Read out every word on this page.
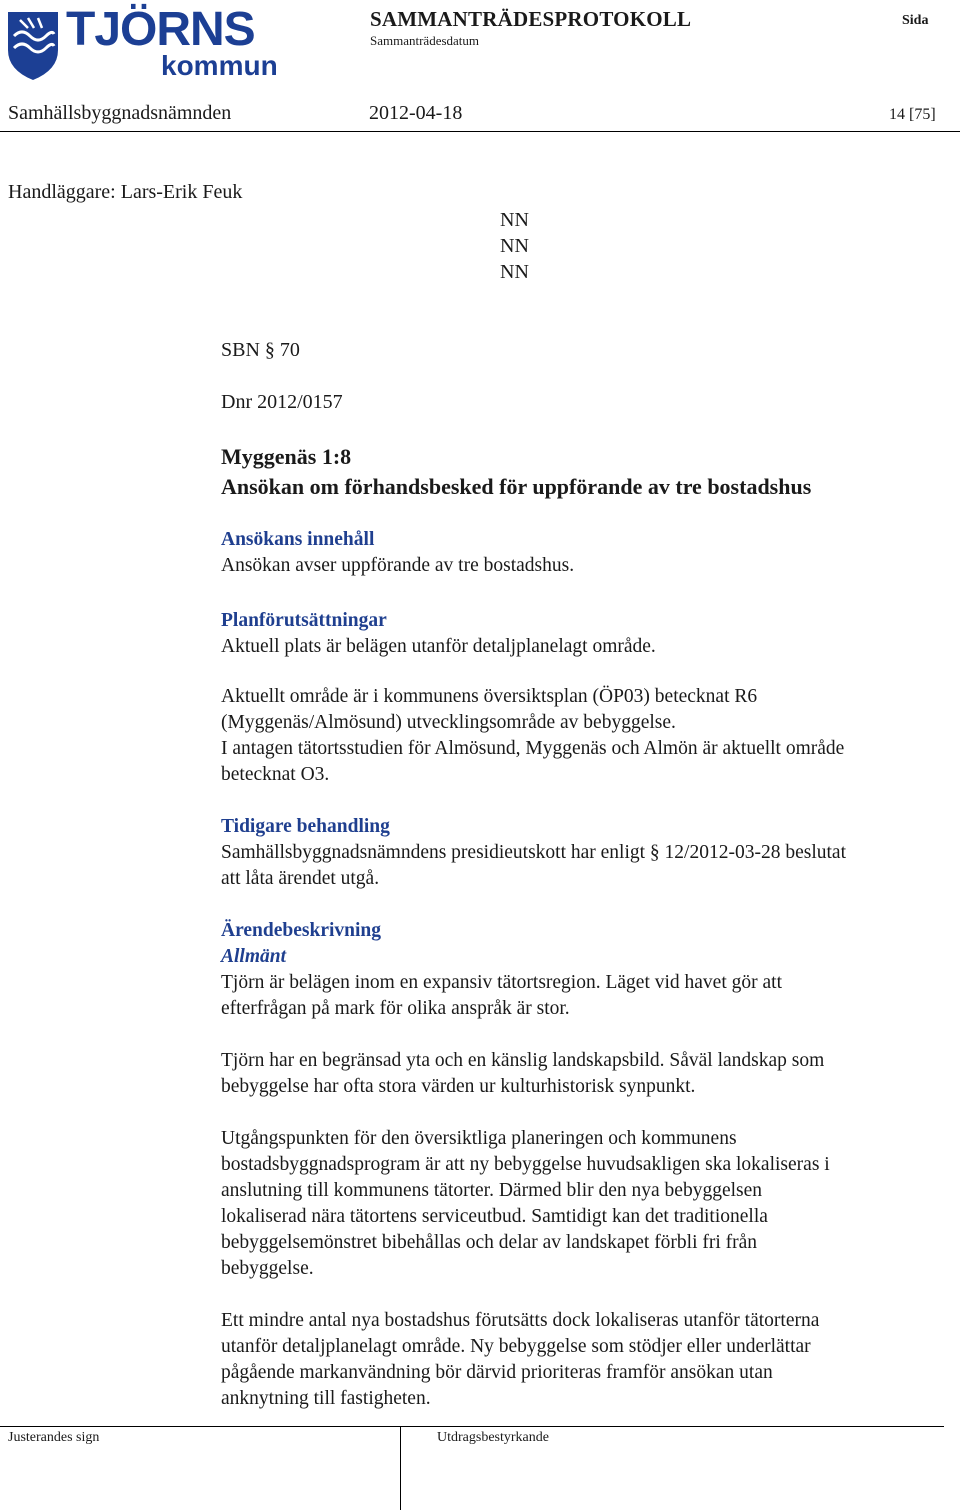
TJÖRNS
kommun
SAMMANTRÄDESPROTOKOLL
Sammanträdesdatum
Sida
Samhällsbyggnadsnämnden	2012-04-18	14 [75]
Handläggare: Lars-Erik Feuk
NN
NN
NN
SBN § 70
Dnr 2012/0157
Myggenäs 1:8
Ansökan om förhandsbesked för uppförande av tre bostadshus
Ansökans innehåll
Ansökan avser uppförande av tre bostadshus.
Planförutsättningar
Aktuell plats är belägen utanför detaljplanelagt område.
Aktuellt område är i kommunens översiktsplan (ÖP03) betecknat R6
(Myggenäs/Almösund) utvecklingsområde av bebyggelse.
I antagen tätortsstudien för Almösund, Myggenäs och Almön är aktuellt område
betecknat O3.
Tidigare behandling
Samhällsbyggnadsnämndens presidieutskott har enligt § 12/2012-03-28 beslutat
att låta ärendet utgå.
Ärendebeskrivning
Allmänt
Tjörn är belägen inom en expansiv tätortsregion. Läget vid havet gör att
efterfrågan på mark för olika anspråk är stor.
Tjörn har en begränsad yta och en känslig landskapsbild. Såväl landskap som
bebyggelse har ofta stora värden ur kulturhistorisk synpunkt.
Utgångspunkten för den översiktliga planeringen och kommunens
bostadsbyggnadsprogram är att ny bebyggelse huvudsakligen ska lokaliseras i
anslutning till kommunens tätorter. Därmed blir den nya bebyggelsen
lokaliserad nära tätortens serviceutbud. Samtidigt kan det traditionella
bebyggelsemönstret bibehållas och delar av landskapet förbli fri från
bebyggelse.
Ett mindre antal nya bostadshus förutsätts dock lokaliseras utanför tätorterna
utanför detaljplanelagt område. Ny bebyggelse som stödjer eller underlättar
pågående markanvändning bör därvid prioriteras framför ansökan utan
anknytning till fastigheten.
Justerandes sign	Utdragsbestyrkande
